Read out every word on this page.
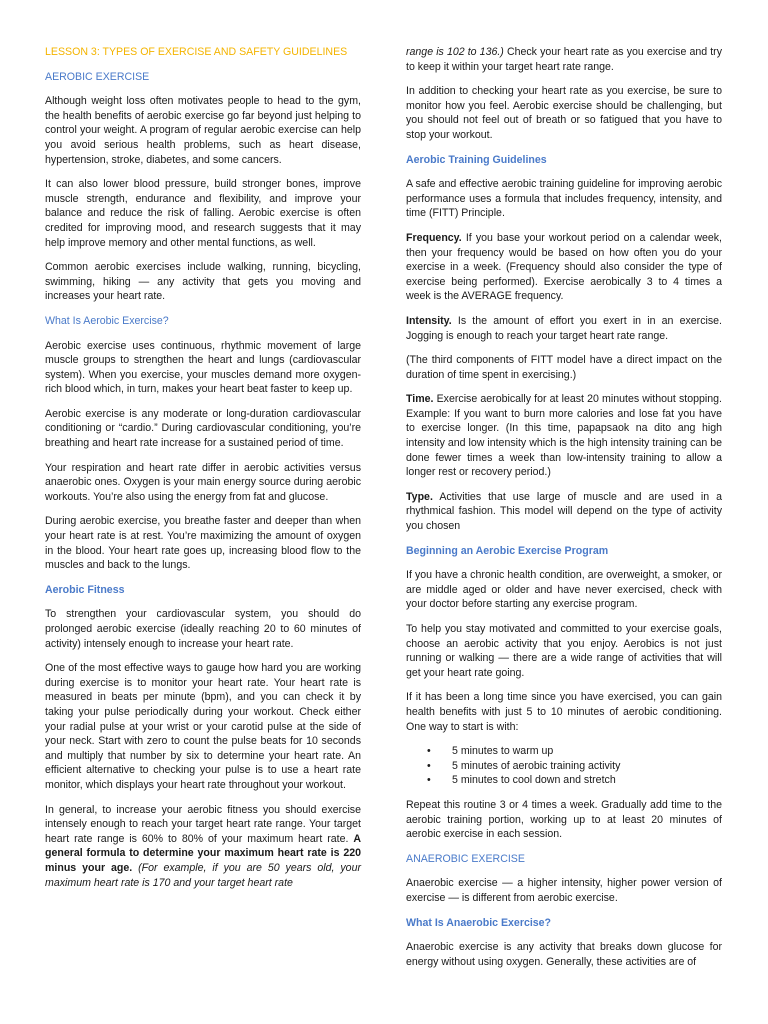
LESSON 3: TYPES OF EXERCISE AND SAFETY GUIDELINES

AEROBIC EXERCISE

Although weight loss often motivates people to head to the gym, the health benefits of aerobic exercise go far beyond just helping to control your weight. A program of regular aerobic exercise can help you avoid serious health problems, such as heart disease, hypertension, stroke, diabetes, and some cancers.

It can also lower blood pressure, build stronger bones, improve muscle strength, endurance and flexibility, and improve your balance and reduce the risk of falling. Aerobic exercise is often credited for improving mood, and research suggests that it may help improve memory and other mental functions, as well.

Common aerobic exercises include walking, running, bicycling, swimming, hiking — any activity that gets you moving and increases your heart rate.

What Is Aerobic Exercise?

Aerobic exercise uses continuous, rhythmic movement of large muscle groups to strengthen the heart and lungs (cardiovascular system). When you exercise, your muscles demand more oxygen-rich blood which, in turn, makes your heart beat faster to keep up.

Aerobic exercise is any moderate or long-duration cardiovascular conditioning or “cardio.” During cardiovascular conditioning, you’re breathing and heart rate increase for a sustained period of time.

Your respiration and heart rate differ in aerobic activities versus anaerobic ones. Oxygen is your main energy source during aerobic workouts. You’re also using the energy from fat and glucose.

During aerobic exercise, you breathe faster and deeper than when your heart rate is at rest. You’re maximizing the amount of oxygen in the blood. Your heart rate goes up, increasing blood flow to the muscles and back to the lungs.

Aerobic Fitness

To strengthen your cardiovascular system, you should do prolonged aerobic exercise (ideally reaching 20 to 60 minutes of activity) intensely enough to increase your heart rate.

One of the most effective ways to gauge how hard you are working during exercise is to monitor your heart rate. Your heart rate is measured in beats per minute (bpm), and you can check it by taking your pulse periodically during your workout. Check either your radial pulse at your wrist or your carotid pulse at the side of your neck. Start with zero to count the pulse beats for 10 seconds and multiply that number by six to determine your heart rate. An efficient alternative to checking your pulse is to use a heart rate monitor, which displays your heart rate throughout your workout.

In general, to increase your aerobic fitness you should exercise intensely enough to reach your target heart rate range. Your target heart rate range is 60% to 80% of your maximum heart rate. A general formula to determine your maximum heart rate is 220 minus your age. (For example, if you are 50 years old, your maximum heart rate is 170 and your target heart rate

range is 102 to 136.) Check your heart rate as you exercise and try to keep it within your target heart rate range.

In addition to checking your heart rate as you exercise, be sure to monitor how you feel. Aerobic exercise should be challenging, but you should not feel out of breath or so fatigued that you have to stop your workout.

Aerobic Training Guidelines

A safe and effective aerobic training guideline for improving aerobic performance uses a formula that includes frequency, intensity, and time (FITT) Principle.

Frequency. If you base your workout period on a calendar week, then your frequency would be based on how often you do your exercise in a week. (Frequency should also consider the type of exercise being performed). Exercise aerobically 3 to 4 times a week is the AVERAGE frequency.

Intensity. Is the amount of effort you exert in in an exercise. Jogging is enough to reach your target heart rate range.

(The third components of FITT model have a direct impact on the duration of time spent in exercising.)

Time. Exercise aerobically for at least 20 minutes without stopping. Example: If you want to burn more calories and lose fat you have to exercise longer. (In this time, papapsaok na dito ang high intensity and low intensity which is the high intensity training can be done fewer times a week than low-intensity training to allow a longer rest or recovery period.)

Type. Activities that use large of muscle and are used in a rhythmical fashion. This model will depend on the type of activity you chosen

Beginning an Aerobic Exercise Program

If you have a chronic health condition, are overweight, a smoker, or are middle aged or older and have never exercised, check with your doctor before starting any exercise program.

To help you stay motivated and committed to your exercise goals, choose an aerobic activity that you enjoy. Aerobics is not just running or walking — there are a wide range of activities that will get your heart rate going.

If it has been a long time since you have exercised, you can gain health benefits with just 5 to 10 minutes of aerobic conditioning. One way to start is with:

• 5 minutes to warm up
• 5 minutes of aerobic training activity
• 5 minutes to cool down and stretch

Repeat this routine 3 or 4 times a week. Gradually add time to the aerobic training portion, working up to at least 20 minutes of aerobic exercise in each session.

ANAEROBIC EXERCISE

Anaerobic exercise — a higher intensity, higher power version of exercise — is different from aerobic exercise.

What Is Anaerobic Exercise?

Anaerobic exercise is any activity that breaks down glucose for energy without using oxygen. Generally, these activities are of
